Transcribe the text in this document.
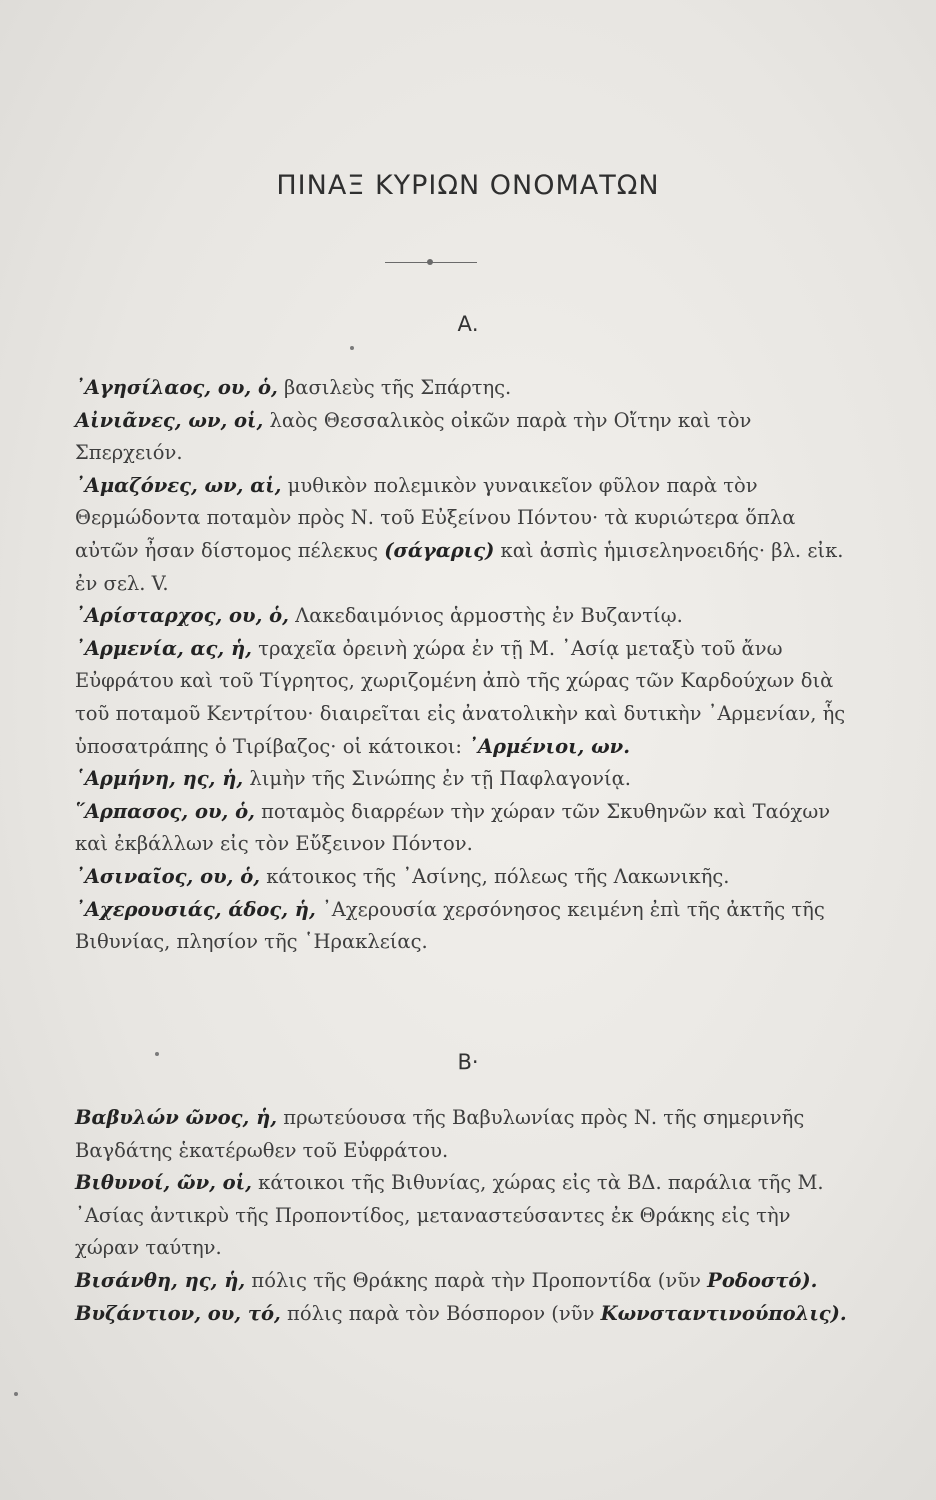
ΠΙΝΑΞ ΚΥΡΙΩΝ ΟΝΟΜΑΤΩΝ
Α.
᾿Αγησίλαος, ου, ὁ, βασιλεὺς τῆς Σπάρτης.
Αἰνιᾶνες, ων, οἱ, λαὸς Θεσσαλικὸς οἰκῶν παρὰ τὴν Οἴτην καὶ τὸν Σπερχειόν.
᾿Αμαζόνες, ων, αἱ, μυθικὸν πολεμικὸν γυναικεῖον φῦλον παρὰ τὸν Θερμώδοντα ποταμὸν πρὸς Ν. τοῦ Εὐξείνου Πόντου· τὰ κυριώτερα ὅπλα αὐτῶν ἦσαν δίστομος πέλεκυς (σάγαρις) καὶ ἀσπὶς ἡμισεληνοειδής· βλ. εἰκ. ἐν σελ. V.
᾿Αρίσταρχος, ου, ὁ, Λακεδαιμόνιος ἁρμοστὴς ἐν Βυζαντίῳ.
᾿Αρμενία, ας, ἡ, τραχεῖα ὀρεινὴ χώρα ἐν τῇ Μ. ᾿Ασίᾳ μεταξὺ τοῦ ἄνω Εὐφράτου καὶ τοῦ Τίγρητος, χωριζομένη ἀπὸ τῆς χώρας τῶν Καρδούχων διὰ τοῦ ποταμοῦ Κεντρίτου· διαιρεῖται εἰς ἀνατολικὴν καὶ δυτικὴν ᾿Αρμενίαν, ἧς ὑποσατράπης ὁ Τιρίβαζος· οἱ κάτοικοι: ᾿Αρμένιοι, ων.
῾Αρμήνη, ης, ἡ, λιμὴν τῆς Σινώπης ἐν τῇ Παφλαγονίᾳ.
῞Αρπασος, ου, ὁ, ποταμὸς διαρρέων τὴν χώραν τῶν Σκυθηνῶν καὶ Ταόχων καὶ ἐκβάλλων εἰς τὸν Εὔξεινον Πόντον.
᾿Ασιναῖος, ου, ὁ, κάτοικος τῆς ᾿Ασίνης, πόλεως τῆς Λακωνικῆς.
᾿Αχερουσιάς, άδος, ἡ, ᾿Αχερουσία χερσόνησος κειμένη ἐπὶ τῆς ἀκτῆς τῆς Βιθυνίας, πλησίον τῆς ῾Ηρακλείας.
Β·
Βαβυλών ῶνος, ἡ, πρωτεύουσα τῆς Βαβυλωνίας πρὸς Ν. τῆς σημερινῆς Βαγδάτης ἑκατέρωθεν τοῦ Εὐφράτου.
Βιθυνοί, ῶν, οἱ, κάτοικοι τῆς Βιθυνίας, χώρας εἰς τὰ ΒΔ. παράλια τῆς Μ. ᾿Ασίας ἀντικρὺ τῆς Προποντίδος, μεταναστεύσαντες ἐκ Θράκης εἰς τὴν χώραν ταύτην.
Βισάνθη, ης, ἡ, πόλις τῆς Θράκης παρὰ τὴν Προποντίδα (νῦν Ροδοστό).
Βυζάντιον, ου, τό, πόλις παρὰ τὸν Βόσπορον (νῦν Κωνσταντινούπολις).
